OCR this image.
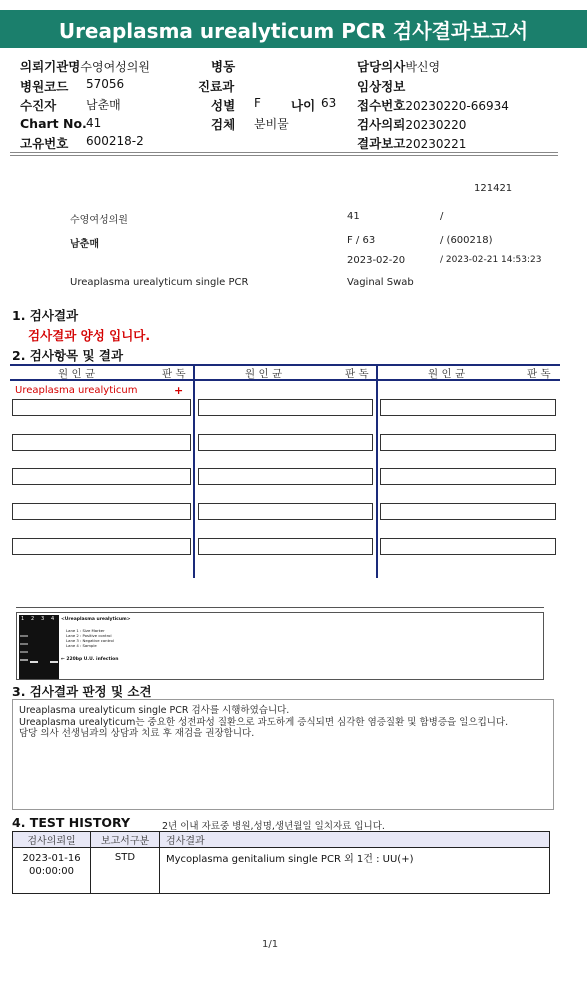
Ureaplasma urealyticum PCR 검사결과보고서
의뢰기관명수영여성의원
병원코드 57056
수진자 남춘매
Chart No. 41
고유번호 600218-2
병동
진료과
성별 F 나이 63
검체 분비물
담당의사박신영
임상정보
접수번호20230220-66934
검사의뢰20230220
결과보고20230221
121421
수영여성의원	41	/
남춘매	F / 63	/ (600218)
2023-02-20	/ 2023-02-21 14:53:23
Ureaplasma urealyticum single PCR	Vaginal Swab
1. 검사결과
검사결과 양성 입니다.
2. 검사항목 및 결과
원 인 균	판 독	원 인 균	판 독	원 인 균	판 독
Ureaplasma urealyticum	+
1 2 3 4 <Ureaplasma urealyticum>
Lane 1 : Size Marker
Lane 2 : Positive control
Lane 3 : Negative control
Lane 4 : Sample
← 220bp U.U. infection
3. 검사결과 판정 및 소견
Ureaplasma urealyticum single PCR 검사를 시행하였습니다.
Ureaplasma urealyticum는 중요한 성전파성 질환으로 과도하게 증식되면 심각한 염증질환 및 합병증을 일으킵니다.
담당 의사 선생님과의 상담과 치료 후 재검을 권장합니다.
4. TEST HISTORY	2년 이내 자료중 병원,성명,생년월일 일치자료 입니다.
검사의뢰일	보고서구분	검사결과

2023-01-16
00:00:00	STD	Mycoplasma genitalium single PCR 외 1건 : UU(+)
1/1
